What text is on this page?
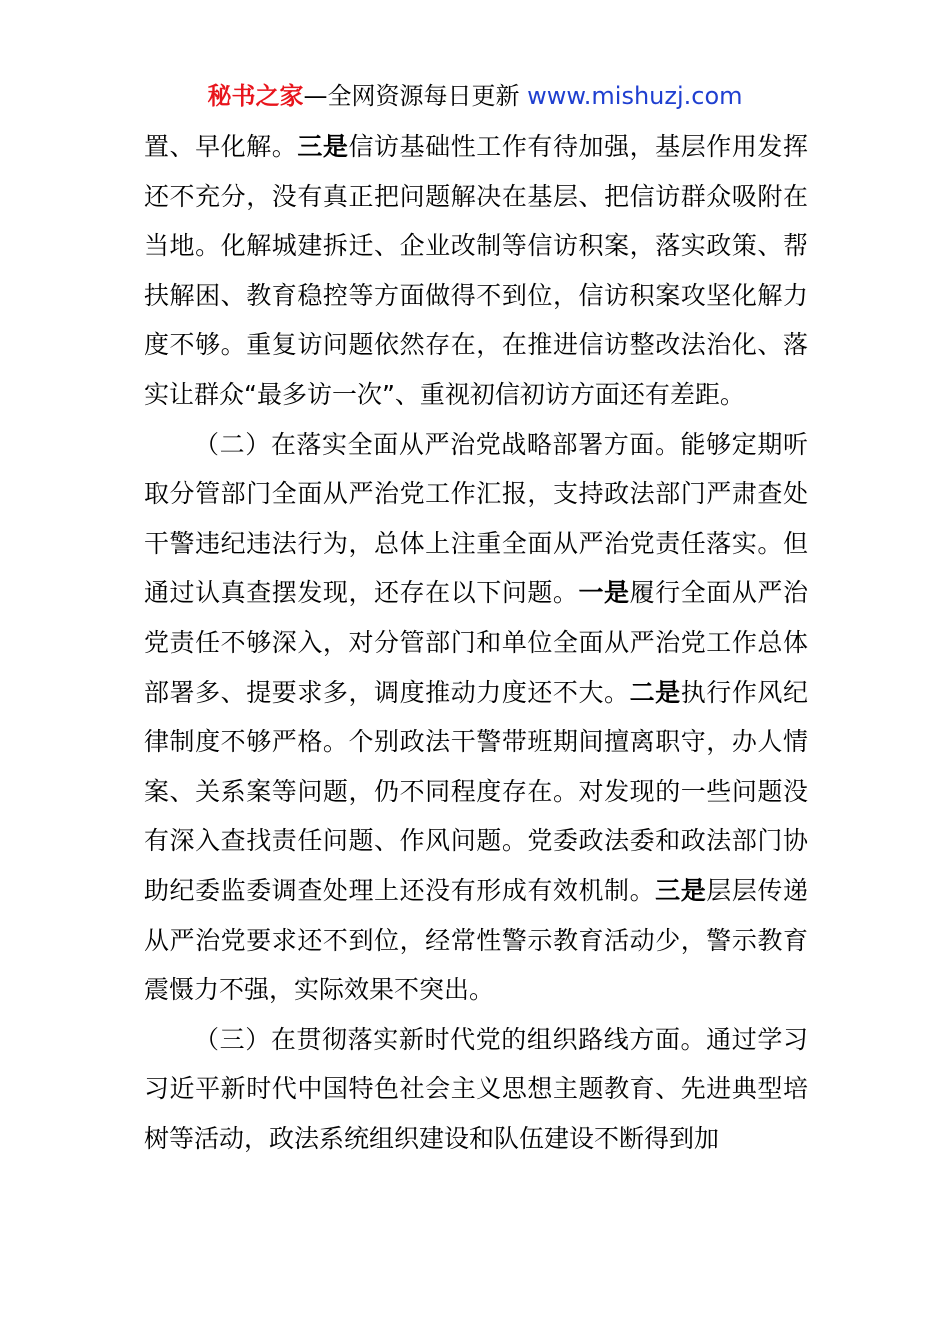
秘书之家—全网资源每日更新 www.mishuzj.com

置、早化解。三是信访基础性工作有待加强，基层作用发挥还不充分，没有真正把问题解决在基层、把信访群众吸附在当地。化解城建拆迁、企业改制等信访积案，落实政策、帮扶解困、教育稳控等方面做得不到位，信访积案攻坚化解力度不够。重复访问题依然存在，在推进信访整改法治化、落实让群众“最多访一次”、重视初信初访方面还有差距。

（二）在落实全面从严治党战略部署方面。能够定期听取分管部门全面从严治党工作汇报，支持政法部门严肃查处干警违纪违法行为，总体上注重全面从严治党责任落实。但通过认真查摆发现，还存在以下问题。一是履行全面从严治党责任不够深入，对分管部门和单位全面从严治党工作总体部署多、提要求多，调度推动力度还不大。二是执行作风纪律制度不够严格。个别政法干警带班期间擅离职守，办人情案、关系案等问题，仍不同程度存在。对发现的一些问题没有深入查找责任问题、作风问题。党委政法委和政法部门协助纪委监委调查处理上还没有形成有效机制。三是层层传递从严治党要求还不到位，经常性警示教育活动少，警示教育震慑力不强，实际效果不突出。

（三）在贯彻落实新时代党的组织路线方面。通过学习习近平新时代中国特色社会主义思想主题教育、先进典型培树等活动，政法系统组织建设和队伍建设不断得到加
